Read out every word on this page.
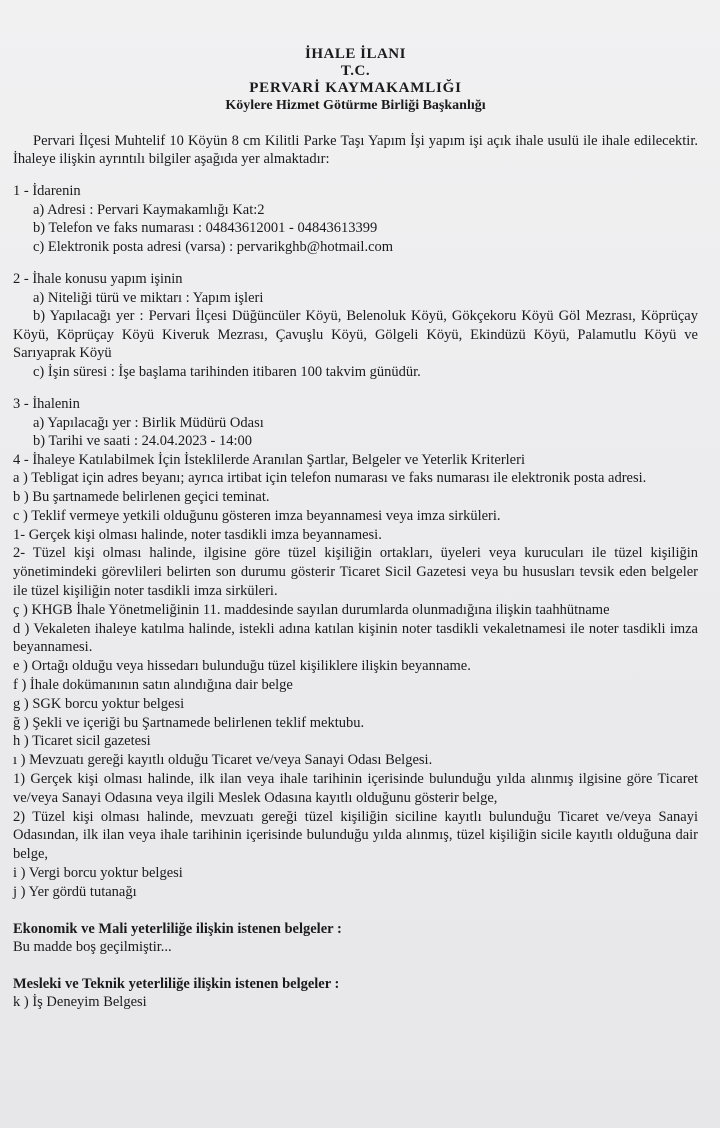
İHALE İLANI

T.C.

PERVARİ KAYMAKAMLIĞI

Köylere Hizmet Götürme Birliği Başkanlığı

Pervari İlçesi Muhtelif 10 Köyün 8 cm Kilitli Parke Taşı Yapım İşi yapım işi açık ihale usulü ile ihale edilecektir. İhaleye ilişkin ayrıntılı bilgiler aşağıda yer almaktadır:

1 - İdarenin

a) Adresi : Pervari Kaymakamlığı Kat:2

b) Telefon ve faks numarası : 04843612001 - 04843613399

c) Elektronik posta adresi (varsa) : pervarikghb@hotmail.com

2 - İhale konusu yapım işinin

a) Niteliği türü ve miktarı : Yapım işleri

b) Yapılacağı yer : Pervari İlçesi Düğüncüler Köyü, Belenoluk Köyü, Gökçekoru Köyü Göl Mezrası, Köprüçay Köyü, Köprüçay Köyü Kiveruk Mezrası, Çavuşlu Köyü, Gölgeli Köyü, Ekindüzü Köyü, Palamutlu Köyü ve Sarıyaprak Köyü

c) İşin süresi : İşe başlama tarihinden itibaren 100 takvim günüdür.

3 - İhalenin

a) Yapılacağı yer : Birlik Müdürü Odası

b) Tarihi ve saati : 24.04.2023 - 14:00

4 - İhaleye Katılabilmek İçin İsteklilerde Aranılan Şartlar, Belgeler ve Yeterlik Kriterleri

a ) Tebligat için adres beyanı; ayrıca irtibat için telefon numarası ve faks numarası ile elektronik posta adresi.

b ) Bu şartnamede belirlenen geçici teminat.

c ) Teklif vermeye yetkili olduğunu gösteren imza beyannamesi veya imza sirküleri.

1- Gerçek kişi olması halinde, noter tasdikli imza beyannamesi.

2- Tüzel kişi olması halinde, ilgisine göre tüzel kişiliğin ortakları, üyeleri veya kurucuları ile tüzel kişiliğin yönetimindeki görevlileri belirten son durumu gösterir Ticaret Sicil Gazetesi veya bu hususları tevsik eden belgeler ile tüzel kişiliğin noter tasdikli imza sirküleri.

ç ) KHGB İhale Yönetmeliğinin 11. maddesinde sayılan durumlarda olunmadığına ilişkin taahhütname

d ) Vekaleten ihaleye katılma halinde, istekli adına katılan kişinin noter tasdikli vekaletnamesi ile noter tasdikli imza beyannamesi.

e ) Ortağı olduğu veya hissedarı bulunduğu tüzel kişiliklere ilişkin beyanname.

f ) İhale dokümanının satın alındığına dair belge

g ) SGK borcu yoktur belgesi

ğ ) Şekli ve içeriği bu Şartnamede belirlenen teklif mektubu.

h ) Ticaret sicil gazetesi

ı ) Mevzuatı gereği kayıtlı olduğu Ticaret ve/veya Sanayi Odası Belgesi.

1) Gerçek kişi olması halinde, ilk ilan veya ihale tarihinin içerisinde bulunduğu yılda alınmış ilgisine göre Ticaret ve/veya Sanayi Odasına veya ilgili Meslek Odasına kayıtlı olduğunu gösterir belge,

2) Tüzel kişi olması halinde, mevzuatı gereği tüzel kişiliğin siciline kayıtlı bulunduğu Ticaret ve/veya Sanayi Odasından, ilk ilan veya ihale tarihinin içerisinde bulunduğu yılda alınmış, tüzel kişiliğin sicile kayıtlı olduğuna dair belge,

i ) Vergi borcu yoktur belgesi

j ) Yer gördü tutanağı

Ekonomik ve Mali yeterliliğe ilişkin istenen belgeler :

Bu madde boş geçilmiştir...

Mesleki ve Teknik yeterliliğe ilişkin istenen belgeler :

k ) İş Deneyim Belgesi
